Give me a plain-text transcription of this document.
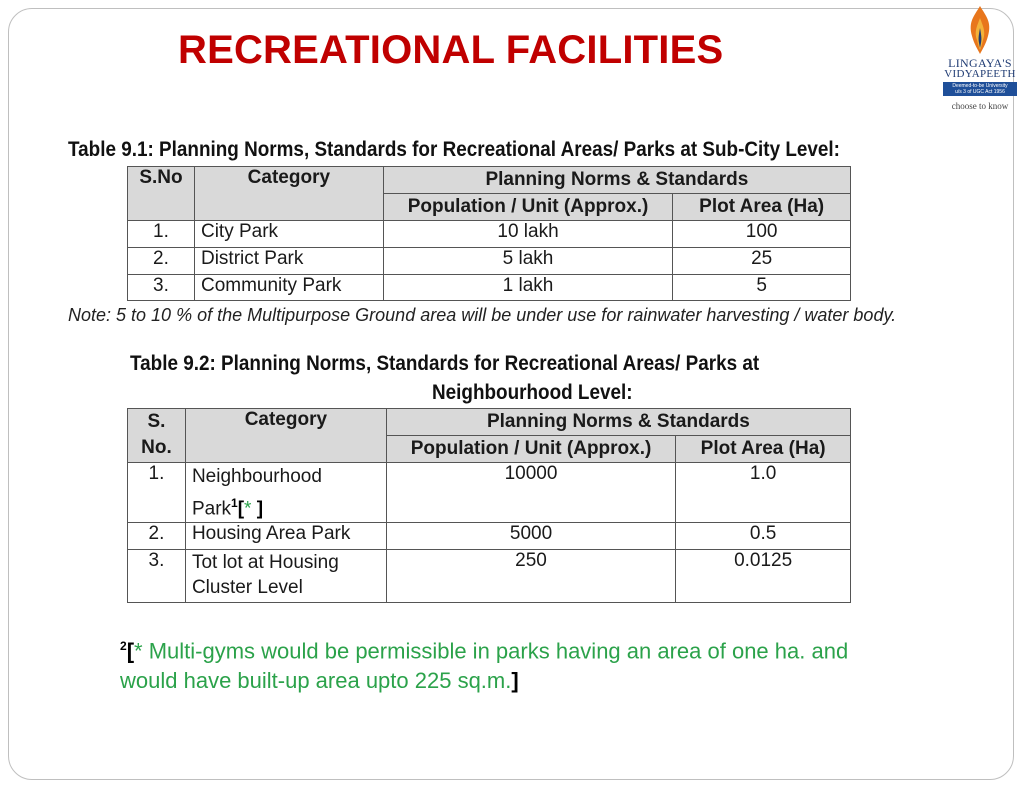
RECREATIONAL FACILITIES	LINGAYA'S
VIDYAPEETH
Deemed-to-be University
u/s 3 of UGC Act 1956
choose to know
Table 9.1: Planning Norms, Standards for Recreational Areas/ Parks at Sub-City Level:
S.No	Category	Planning Norms & Standards	
		Population / Unit (Approx.)	Plot Area (Ha)
1.	City Park	10 lakh	100
2.	District Park	5 lakh	25
3.	Community Park	1 lakh	5
Note: 5 to 10 % of the Multipurpose Ground area will be under use for rainwater harvesting / water body.
Table 9.2: Planning Norms, Standards for Recreational Areas/ Parks at
Neighbourhood Level:
S.
No.	Category	Planning Norms & Standards	
		Population / Unit (Approx.)	Plot Area (Ha)
1.	Neighbourhood
Park$^1$[* ]	10000	1.0
2.	Housing Area Park	5000	0.5
3.	Tot lot at Housing
Cluster Level	250	0.0125
$^2$[* Multi-gyms would be permissible in parks having an area of one ha. and would have built-up area upto 225 sq.m.]
